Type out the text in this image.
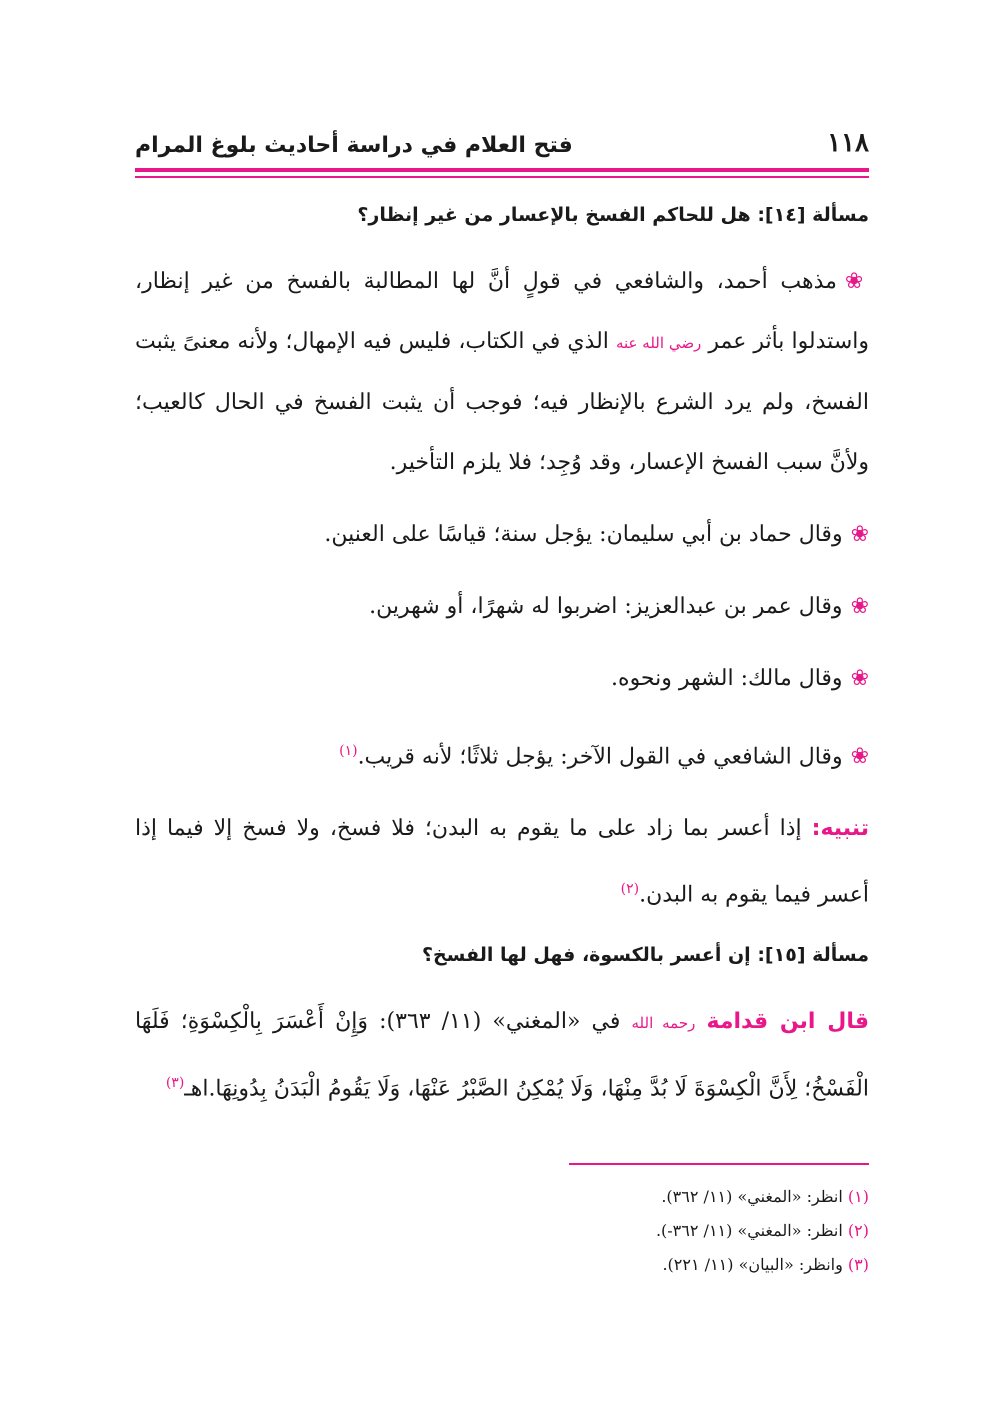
١١٨
فتح العلام في دراسة أحاديث بلوغ المرام
مسألة [١٤]: هل للحاكم الفسخ بالإعسار من غير إنظار؟

❀مذهب أحمد، والشافعي في قولٍ أنَّ لها المطالبة بالفسخ من غير إنظار، واستدلوا بأثر عمر رضي الله عنه الذي في الكتاب، فليس فيه الإمهال؛ ولأنه معنىً يثبت الفسخ، ولم يرد الشرع بالإنظار فيه؛ فوجب أن يثبت الفسخ في الحال كالعيب؛ ولأنَّ سبب الفسخ الإعسار، وقد وُجِد؛ فلا يلزم التأخير.

❀وقال حماد بن أبي سليمان: يؤجل سنة؛ قياسًا على العنين.

❀وقال عمر بن عبدالعزيز: اضربوا له شهرًا، أو شهرين.

❀وقال مالك: الشهر ونحوه.

❀وقال الشافعي في القول الآخر: يؤجل ثلاثًا؛ لأنه قريب.$^{(١)}$

تنبيه: إذا أعسر بما زاد على ما يقوم به البدن؛ فلا فسخ، ولا فسخ إلا فيما إذا أعسر فيما يقوم به البدن.$^{(٢)}$

مسألة [١٥]: إن أعسر بالكسوة، فهل لها الفسخ؟

قال ابن قدامة رحمه الله في «المغني» (١١/ ٣٦٣): وَإِنْ أَعْسَرَ بِالْكِسْوَةِ؛ فَلَهَا الْفَسْخُ؛ لِأَنَّ الْكِسْوَةَ لَا بُدَّ مِنْهَا، وَلَا يُمْكِنُ الصَّبْرُ عَنْهَا، وَلَا يَقُومُ الْبَدَنُ بِدُونِهَا.اهـ$^{(٣)}$

(١) انظر: «المغني» (١١/ ٣٦٢).
(٢) انظر: «المغني» (١١/ ٣٦٢-).
(٣) وانظر: «البيان» (١١/ ٢٢١).
